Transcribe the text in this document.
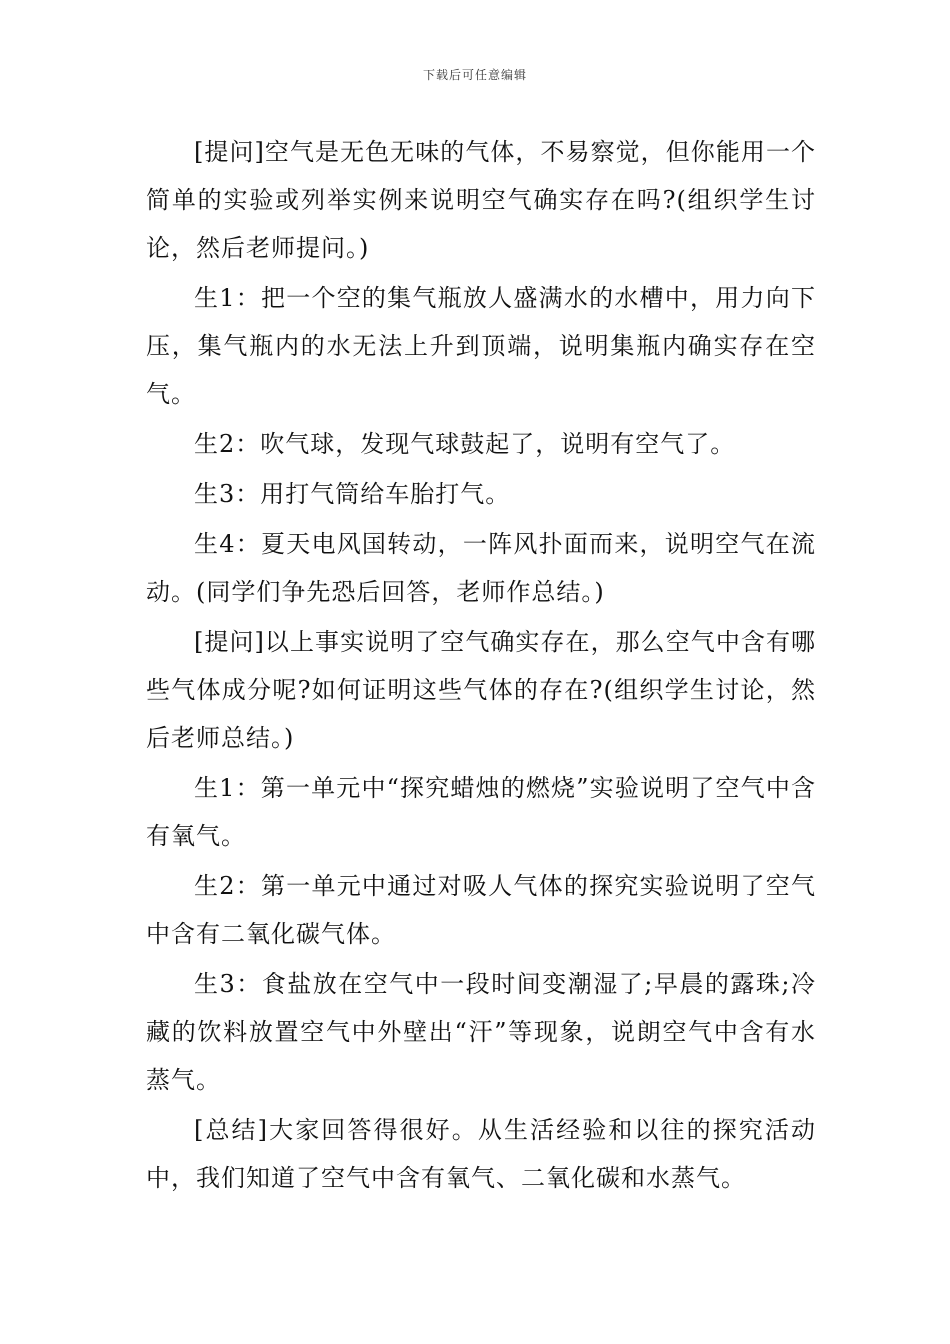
下载后可任意编辑

[提问]空气是无色无味的气体，不易察觉，但你能用一个简单的实验或列举实例来说明空气确实存在吗?(组织学生讨论，然后老师提问。)

生1：把一个空的集气瓶放人盛满水的水槽中，用力向下压，集气瓶内的水无法上升到顶端，说明集瓶内确实存在空气。

生2：吹气球，发现气球鼓起了，说明有空气了。

生3：用打气筒给车胎打气。

生4：夏天电风国转动，一阵风扑面而来，说明空气在流动。(同学们争先恐后回答，老师作总结。)

[提问]以上事实说明了空气确实存在，那么空气中含有哪些气体成分呢?如何证明这些气体的存在?(组织学生讨论，然后老师总结。)

生1：第一单元中“探究蜡烛的燃烧”实验说明了空气中含有氧气。

生2：第一单元中通过对吸人气体的探究实验说明了空气中含有二氧化碳气体。

生3：食盐放在空气中一段时间变潮湿了;早晨的露珠;冷藏的饮料放置空气中外壁出“汗”等现象，说朗空气中含有水蒸气。

[总结]大家回答得很好。从生活经验和以往的探究活动中，我们知道了空气中含有氧气、二氧化碳和水蒸气。
